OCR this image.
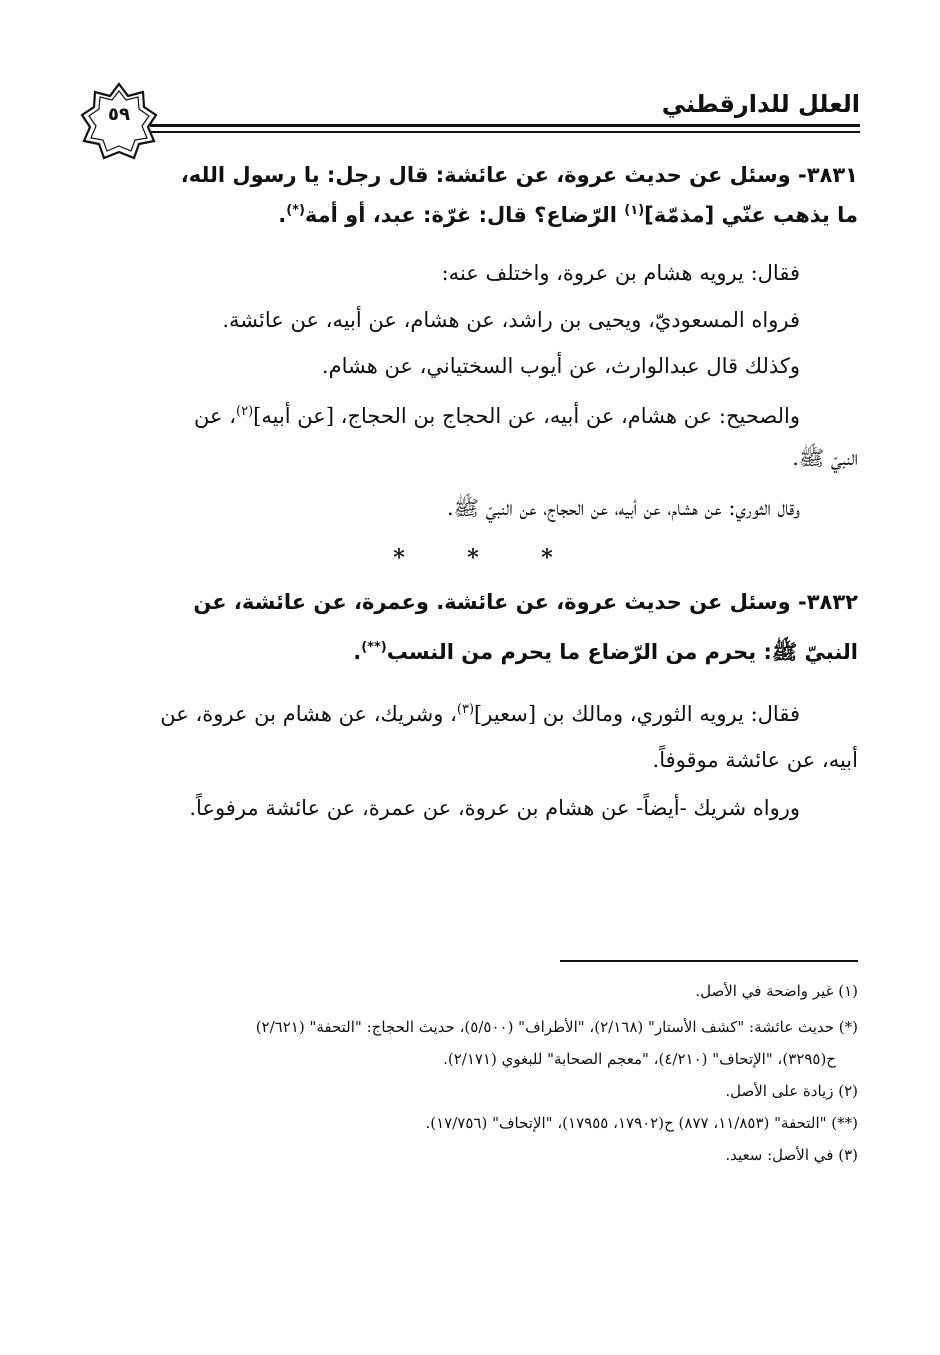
العلل للدارقطني
٥٩

٣٨٣١- وسئل عن حديث عروة، عن عائشة: قال رجل: يا رسول الله،

ما يذهب عنّي [مذمّة]$^{(١)}$ الرّضاع؟ قال: غرّة: عبد، أو أمة(*).

فقال: يرويه هشام بن عروة، واختلف عنه:

فرواه المسعوديّ، ويحيى بن راشد، عن هشام، عن أبيه، عن عائشة.

وكذلك قال عبدالوارث، عن أيوب السختياني، عن هشام.

والصحيح: عن هشام، عن أبيه، عن الحجاج بن الحجاج، [عن أبيه]$^{(٢)}$، عن

النبيّ ﷺ.

وقال الثوري: عن هشام، عن أبيه، عن الحجاج، عن النبيّ ﷺ.

*	*	*

٣٨٣٢- وسئل عن حديث عروة، عن عائشة. وعمرة، عن عائشة، عن

النبيّ ﷺ: يحرم من الرّضاع ما يحرم من النسب(**).

فقال: يرويه الثوري، ومالك بن [سعير]$^{(٣)}$، وشريك، عن هشام بن عروة، عن

أبيه، عن عائشة موقوفاً.

ورواه شريك -أيضاً- عن هشام بن عروة، عن عمرة، عن عائشة مرفوعاً.

(١) غير واضحة في الأصل.

(*) حديث عائشة: "كشف الأستار" (٢/١٦٨)، "الأطراف" (٥/٥٠٠)، حديث الحجاج: "التحفة" (٢/٦٢١)

ح(٣٢٩٥)، "الإتحاف" (٤/٢١٠)، "معجم الصحابة" للبغوي (٢/١٧١).

(٢) زيادة على الأصل.

(**) "التحفة" (١١/٨٥٣، ٨٧٧) ح(١٧٩٠٢، ١٧٩٥٥)، "الإتحاف" (١٧/٧٥٦).

(٣) في الأصل: سعيد.
